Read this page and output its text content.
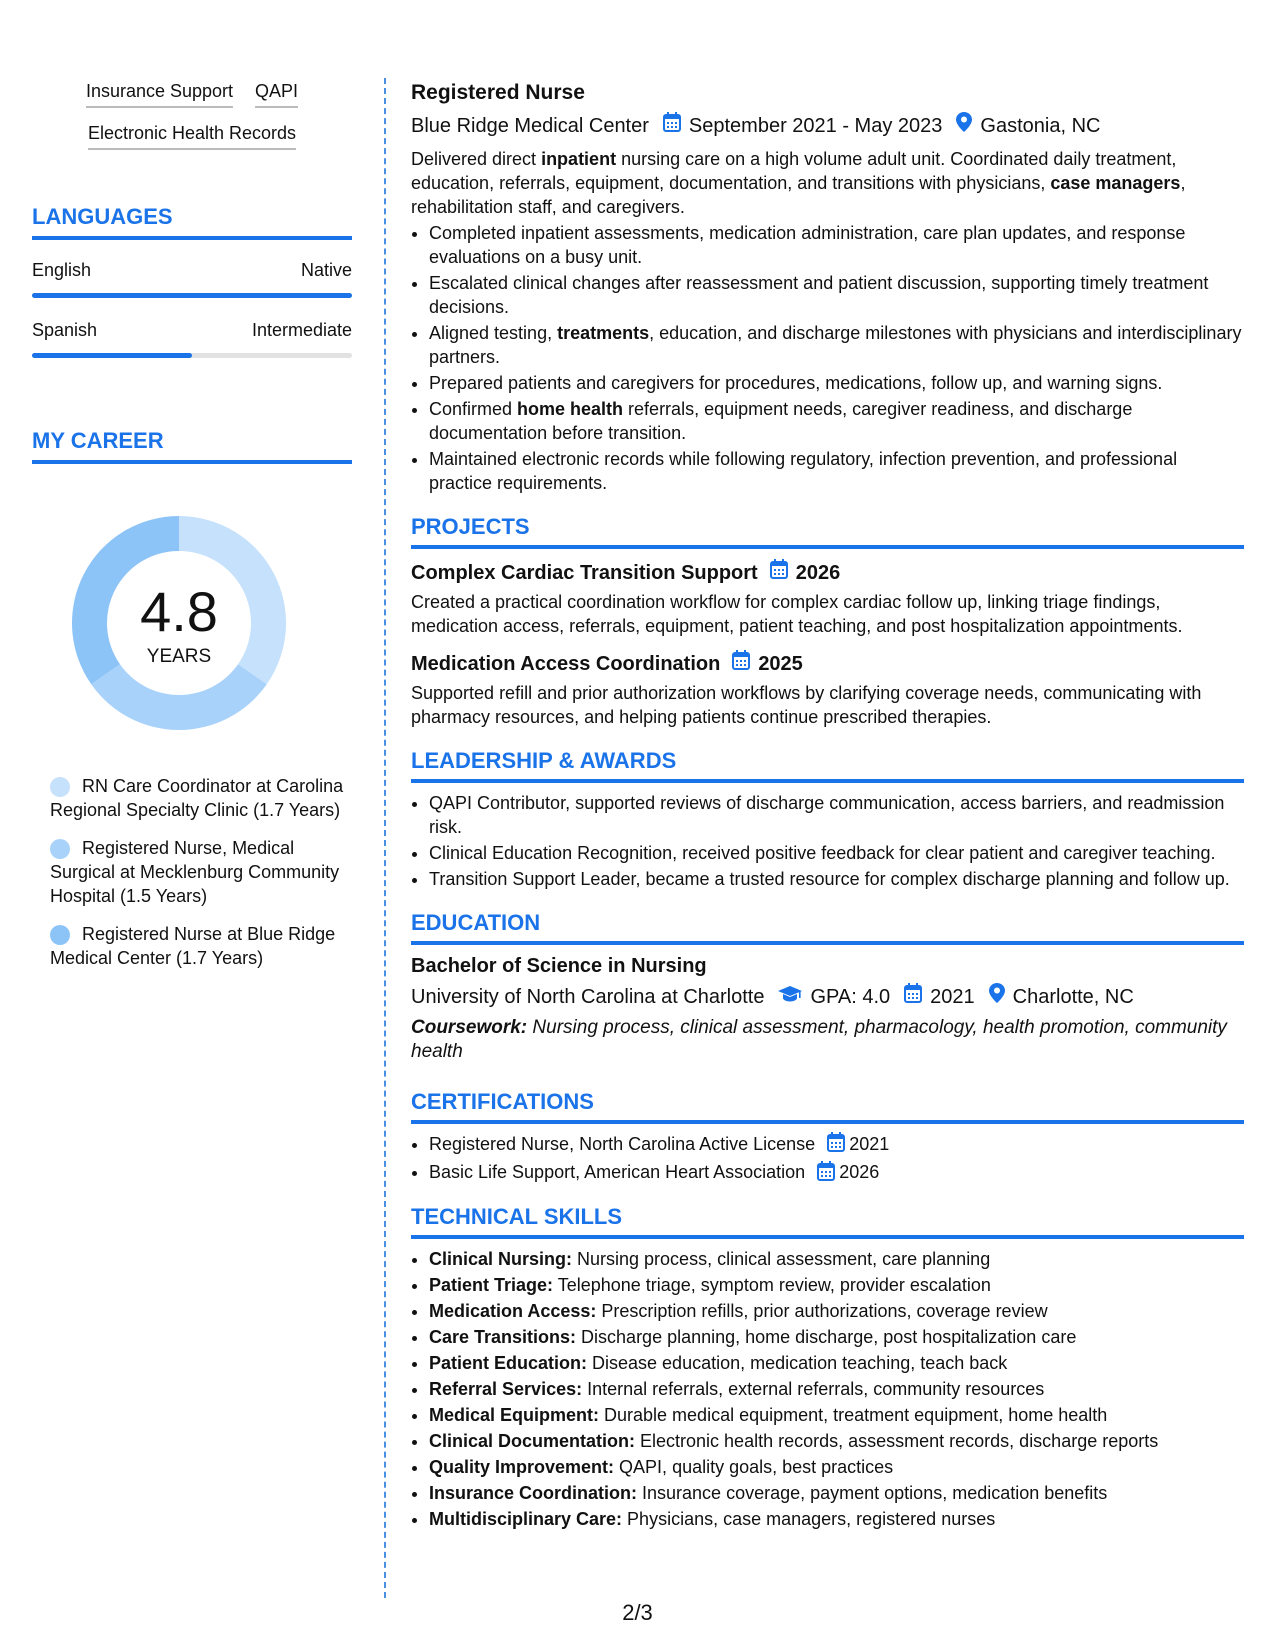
Insurance Support QAPI
Electronic Health Records
LANGUAGES
English	Native
Spanish	Intermediate
MY CAREER
4.8
YEARS
RN Care Coordinator at Carolina Regional Specialty Clinic (1.7 Years)
Registered Nurse, Medical Surgical at Mecklenburg Community Hospital (1.5 Years)
Registered Nurse at Blue Ridge Medical Center (1.7 Years)
Registered Nurse
Blue Ridge Medical Center September 2021 - May 2023 Gastonia, NC
Delivered direct inpatient nursing care on a high volume adult unit. Coordinated daily treatment, education, referrals, equipment, documentation, and transitions with physicians, case managers, rehabilitation staff, and caregivers.
• Completed inpatient assessments, medication administration, care plan updates, and response evaluations on a busy unit.
• Escalated clinical changes after reassessment and patient discussion, supporting timely treatment decisions.
• Aligned testing, treatments, education, and discharge milestones with physicians and interdisciplinary partners.
• Prepared patients and caregivers for procedures, medications, follow up, and warning signs.
• Confirmed home health referrals, equipment needs, caregiver readiness, and discharge documentation before transition.
• Maintained electronic records while following regulatory, infection prevention, and professional practice requirements.
PROJECTS
Complex Cardiac Transition Support 2026
Created a practical coordination workflow for complex cardiac follow up, linking triage findings, medication access, referrals, equipment, patient teaching, and post hospitalization appointments.
Medication Access Coordination 2025
Supported refill and prior authorization workflows by clarifying coverage needs, communicating with pharmacy resources, and helping patients continue prescribed therapies.
LEADERSHIP & AWARDS
• QAPI Contributor, supported reviews of discharge communication, access barriers, and readmission risk.
• Clinical Education Recognition, received positive feedback for clear patient and caregiver teaching.
• Transition Support Leader, became a trusted resource for complex discharge planning and follow up.
EDUCATION
Bachelor of Science in Nursing
University of North Carolina at Charlotte GPA: 4.0 2021 Charlotte, NC
Coursework: Nursing process, clinical assessment, pharmacology, health promotion, community health
CERTIFICATIONS
• Registered Nurse, North Carolina Active License 2021
• Basic Life Support, American Heart Association 2026
TECHNICAL SKILLS
• Clinical Nursing: Nursing process, clinical assessment, care planning
• Patient Triage: Telephone triage, symptom review, provider escalation
• Medication Access: Prescription refills, prior authorizations, coverage review
• Care Transitions: Discharge planning, home discharge, post hospitalization care
• Patient Education: Disease education, medication teaching, teach back
• Referral Services: Internal referrals, external referrals, community resources
• Medical Equipment: Durable medical equipment, treatment equipment, home health
• Clinical Documentation: Electronic health records, assessment records, discharge reports
• Quality Improvement: QAPI, quality goals, best practices
• Insurance Coordination: Insurance coverage, payment options, medication benefits
• Multidisciplinary Care: Physicians, case managers, registered nurses
2/3
